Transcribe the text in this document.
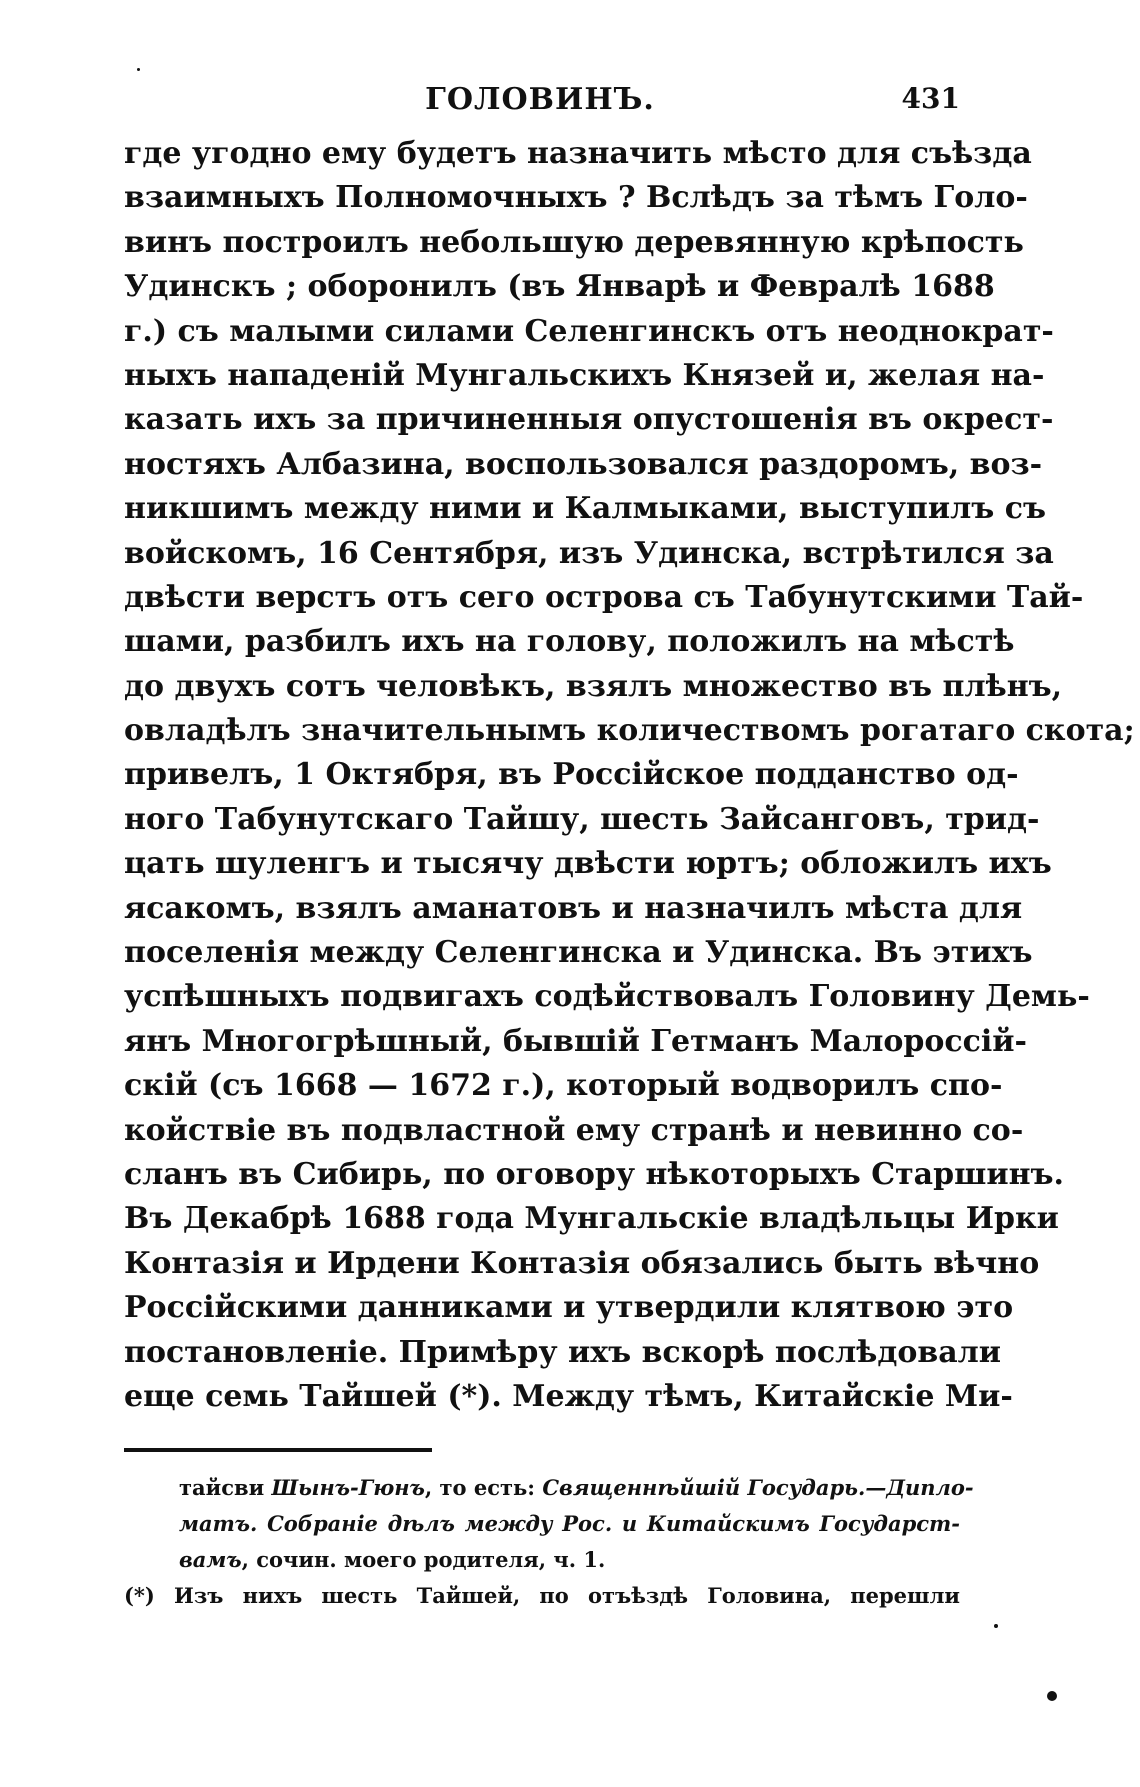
ГОЛОВИНЪ.	431
где угодно ему будетъ назначить мѣсто для съѣзда
взаимныхъ Полномочныхъ ? Вслѣдъ за тѣмъ Голо-
винъ построилъ небольшую деревянную крѣпость
Удинскъ ; оборонилъ (въ Январѣ и Февралѣ 1688
г.) съ малыми силами Селенгинскъ отъ неоднократ-
ныхъ нападеній Мунгальскихъ Князей и, желая на-
казать ихъ за причиненныя опустошенія въ окрест-
ностяхъ Албазина, воспользовался раздоромъ, воз-
никшимъ между ними и Калмыками, выступилъ съ
войскомъ, 16 Сентября, изъ Удинска, встрѣтился за
двѣсти верстъ отъ сего острова съ Табунутскими Тай-
шами, разбилъ ихъ на голову, положилъ на мѣстѣ
до двухъ сотъ человѣкъ, взялъ множество въ плѣнъ,
овладѣлъ значительнымъ количествомъ рогатаго скота;
привелъ, 1 Октября, въ Россійское подданство од-
ного Табунутскаго Тайшу, шесть Зайсанговъ, трид-
цать шуленгъ и тысячу двѣсти юртъ; обложилъ ихъ
ясакомъ, взялъ аманатовъ и назначилъ мѣста для
поселенія между Селенгинска и Удинска. Въ этихъ
успѣшныхъ подвигахъ содѣйствовалъ Головину Демь-
янъ Многогрѣшный, бывшій Гетманъ Малороссій-
скій (съ 1668 — 1672 г.), который водворилъ спо-
койствіе въ подвластной ему странѣ и невинно со-
сланъ въ Сибирь, по оговору нѣкоторыхъ Старшинъ.
Въ Декабрѣ 1688 года Мунгальскіе владѣльцы Ирки
Контазія и Ирдени Контазія обязались быть вѣчно
Россійскими данниками и утвердили клятвою это
постановленіе. Примѣру ихъ вскорѣ послѣдовали
еще семь Тайшей (*). Между тѣмъ, Китайскіе Ми-
тайсви Шынъ-Гюнъ, то есть: Священнѣйшій Государь.—Дипло-
матъ. Собраніе дѣлъ между Рос. и Китайскимъ Государст-
вамъ, сочин. моего родителя, ч. 1.
(*) Изъ нихъ шесть Тайшей, по отъѣздѣ Головина, перешли
